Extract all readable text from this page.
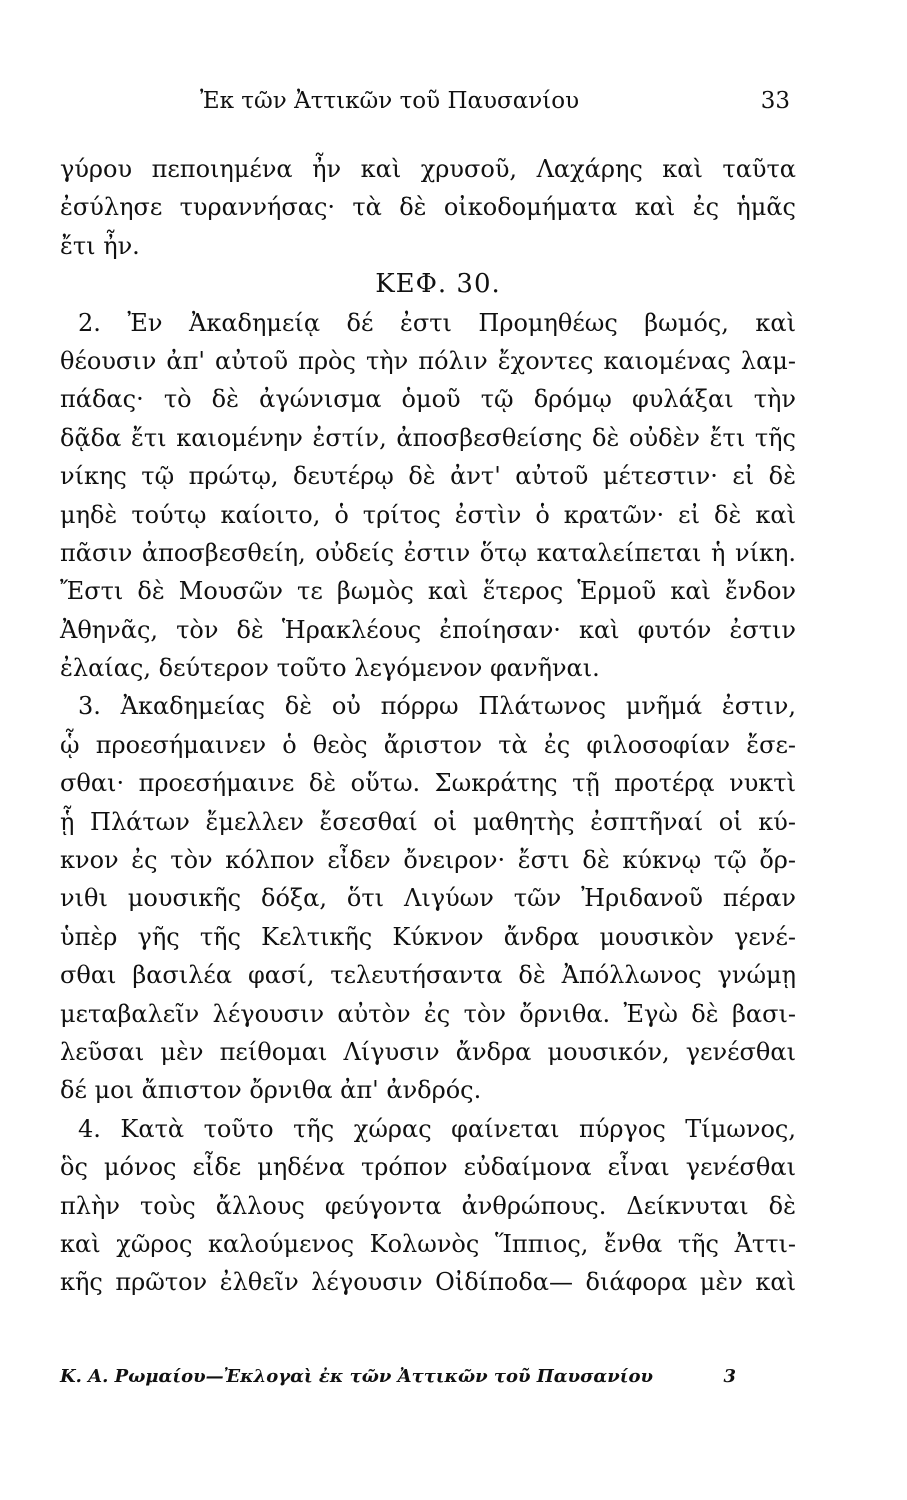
Ἐκ τῶν Ἀττικῶν τοῦ Παυσανίου	33
γύρου πεποιημένα ἦν καὶ χρυσοῦ, Λαχάρης καὶ ταῦτα
ἐσύλησε τυραννήσας· τὰ δὲ οἰκοδομήματα καὶ ἐς ἡμᾶς
ἔτι ἦν.
ΚΕΦ. 30.
2. Ἐν Ἀκαδημείᾳ δέ ἐστι Προμηθέως βωμός, καὶ
θέουσιν ἀπ' αὐτοῦ πρὸς τὴν πόλιν ἔχοντες καιομένας λαμ-
πάδας· τὸ δὲ ἀγώνισμα ὁμοῦ τῷ δρόμῳ φυλάξαι τὴν
δᾷδα ἔτι καιομένην ἐστίν, ἀποσβεσθείσης δὲ οὐδὲν ἔτι τῆς
νίκης τῷ πρώτῳ, δευτέρῳ δὲ ἀντ' αὐτοῦ μέτεστιν· εἰ δὲ
μηδὲ τούτῳ καίοιτο, ὁ τρίτος ἐστὶν ὁ κρατῶν· εἰ δὲ καὶ
πᾶσιν ἀποσβεσθείη, οὐδείς ἐστιν ὅτῳ καταλείπεται ἡ νίκη.
Ἔστι δὲ Μουσῶν τε βωμὸς καὶ ἕτερος Ἑρμοῦ καὶ ἔνδον
Ἀθηνᾶς, τὸν δὲ Ἡρακλέους ἐποίησαν· καὶ φυτόν ἐστιν
ἐλαίας, δεύτερον τοῦτο λεγόμενον φανῆναι.
3. Ἀκαδημείας δὲ οὐ πόρρω Πλάτωνος μνῆμά ἐστιν,
ᾧ προεσήμαινεν ὁ θεὸς ἄριστον τὰ ἐς φιλοσοφίαν ἔσε-
σθαι· προεσήμαινε δὲ οὕτω. Σωκράτης τῇ προτέρᾳ νυκτὶ
ᾗ Πλάτων ἔμελλεν ἔσεσθαί οἱ μαθητὴς ἐσπτῆναί οἱ κύ-
κνον ἐς τὸν κόλπον εἶδεν ὄνειρον· ἔστι δὲ κύκνῳ τῷ ὄρ-
νιθι μουσικῆς δόξα, ὅτι Λιγύων τῶν Ἠριδανοῦ πέραν
ὑπὲρ γῆς τῆς Κελτικῆς Κύκνον ἄνδρα μουσικὸν γενέ-
σθαι βασιλέα φασί, τελευτήσαντα δὲ Ἀπόλλωνος γνώμῃ
μεταβαλεῖν λέγουσιν αὐτὸν ἐς τὸν ὄρνιθα. Ἐγὼ δὲ βασι-
λεῦσαι μὲν πείθομαι Λίγυσιν ἄνδρα μουσικόν, γενέσθαι
δέ μοι ἄπιστον ὄρνιθα ἀπ' ἀνδρός.
4. Κατὰ τοῦτο τῆς χώρας φαίνεται πύργος Τίμωνος,
ὃς μόνος εἶδε μηδένα τρόπον εὐδαίμονα εἶναι γενέσθαι
πλὴν τοὺς ἄλλους φεύγοντα ἀνθρώπους. Δείκνυται δὲ
καὶ χῶρος καλούμενος Κολωνὸς Ἵππιος, ἔνθα τῆς Ἀττι-
κῆς πρῶτον ἐλθεῖν λέγουσιν Οἰδίποδα— διάφορα μὲν καὶ
Κ. Α. Ρωμαίου—Ἐκλογαὶ ἐκ τῶν Ἀττικῶν τοῦ Παυσανίου	3
